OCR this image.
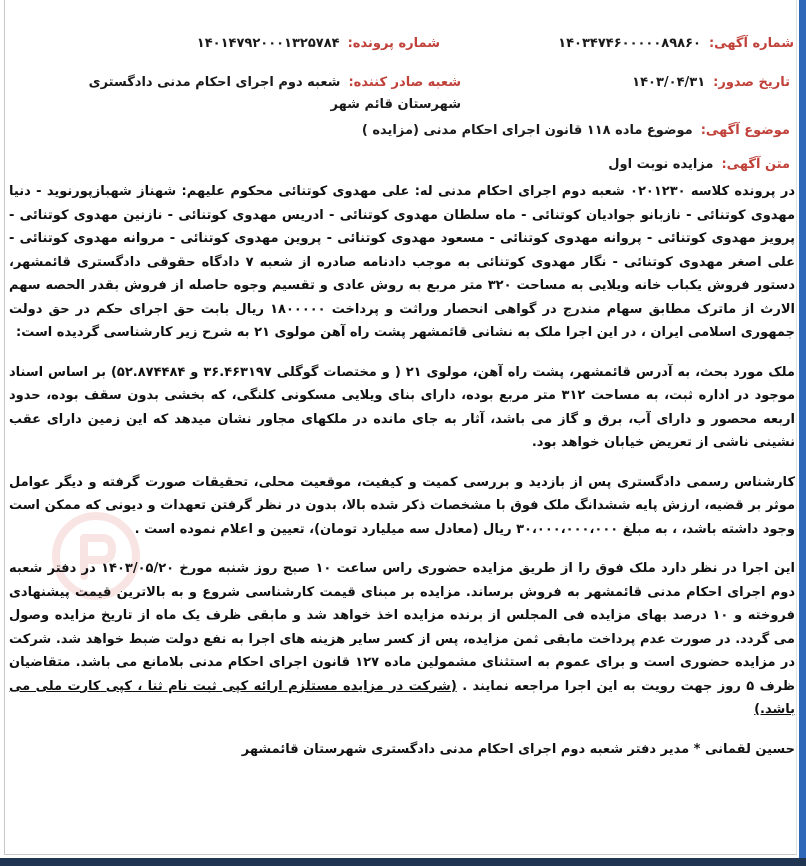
شماره آگهی:۱۴۰۳۴۷۴۶۰۰۰۰۰۸۹۸۶۰
شماره پرونده:۱۴۰۱۴۷۹۲۰۰۰۱۳۲۵۷۸۴
تاریخ صدور:۱۴۰۳/۰۴/۳۱
شعبه صادر کننده:شعبه دوم اجرای احکام مدنی دادگستری شهرستان قائم شهر
موضوع آگهی:موضوع ماده ۱۱۸ قانون اجرای احکام مدنی (مزایده )
متن آگهی:مزایده نوبت اول

در پرونده کلاسه ۰۲۰۱۲۳۰ شعبه دوم اجرای احکام مدنی له: علی مهدوی کوتنائی محکوم علیهم: شهناز شهبازپورنوید - دنیا مهدوی کوتنائی - نازبانو جوادیان کوتنائی - ماه سلطان مهدوی کوتنائی - ادریس مهدوی کوتنائی - نازنین مهدوی کوتنائی - پرویز مهدوی کوتنائی - پروانه مهدوی کوتنائی - مسعود مهدوی کوتنائی - پروین مهدوی کوتنائی - مروانه مهدوی کوتنائی - علی اصغر مهدوی کوتنائی - نگار مهدوی کوتنائی به موجب دادنامه صادره از شعبه ۷ دادگاه حقوقی دادگستری قائمشهر، دستور فروش یکباب خانه ویلایی به مساحت ۳۲۰ متر مربع به روش عادی و تقسیم وجوه حاصله از فروش بقدر الحصه سهم الارث از ماترک مطابق سهام مندرج در گواهی انحصار وراثت و پرداخت ۱۸۰۰۰۰۰ ریال بابت حق اجرای حکم در حق دولت جمهوری اسلامی ایران ، در این اجرا ملک به نشانی قائمشهر پشت راه آهن مولوی ۲۱ به شرح زیر کارشناسی گردیده است:

ملک مورد بحث، به آدرس قائمشهر، پشت راه آهن، مولوی ۲۱ ( و مختصات گوگلی ۳۶.۴۶۳۱۹۷ و ۵۲.۸۷۴۴۸۴) بر اساس اسناد موجود در اداره ثبت، به مساحت ۳۱۲ متر مربع بوده، دارای بنای ویلایی مسکونی کلنگی، که بخشی بدون سقف بوده، حدود اربعه محصور و دارای آب، برق و گاز می باشد، آثار به جای مانده در ملکهای مجاور نشان میدهد که این زمین دارای عقب نشینی ناشی از تعریض خیابان خواهد بود.

کارشناس رسمی دادگستری پس از بازدید و بررسی کمیت و کیفیت، موقعیت محلی، تحقیقات صورت گرفته و دیگر عوامل موثر بر قضیه، ارزش پایه ششدانگ ملک فوق با مشخصات ذکر شده بالا، بدون در نظر گرفتن تعهدات و دیونی که ممکن است وجود داشته باشد، ، به مبلغ ۳۰،۰۰۰،۰۰۰،۰۰۰ ریال (معادل سه میلیارد تومان)، تعیین و اعلام نموده است .

این اجرا در نظر دارد ملک فوق را از طریق مزایده حضوری راس ساعت ۱۰ صبح روز شنبه مورخ ۱۴۰۳/۰۵/۲۰ در دفتر شعبه دوم اجرای احکام مدنی قائمشهر به فروش برساند. مزایده بر مبنای قیمت کارشناسی شروع و به بالاترین قیمت پیشنهادی فروخته و ۱۰ درصد بهای مزایده فی المجلس از برنده مزایده اخذ خواهد شد و مابقی ظرف یک ماه از تاریخ مزایده وصول می گردد. در صورت عدم پرداخت مابقی ثمن مزایده، پس از کسر سایر هزینه های اجرا به نفع دولت ضبط خواهد شد. شرکت در مزایده حضوری است و برای عموم به استثنای مشمولین ماده ۱۲۷ قانون اجرای احکام مدنی بلامانع می باشد. متقاضیان ظرف ۵ روز جهت رویت به این اجرا مراجعه نمایند . (شرکت در مزایده مستلزم ارائه کپی ثبت نام ثنا ، کپی کارت ملی می باشد.)

حسین لقمانی * مدیر دفتر شعبه دوم اجرای احکام مدنی دادگستری شهرستان قائمشهر
